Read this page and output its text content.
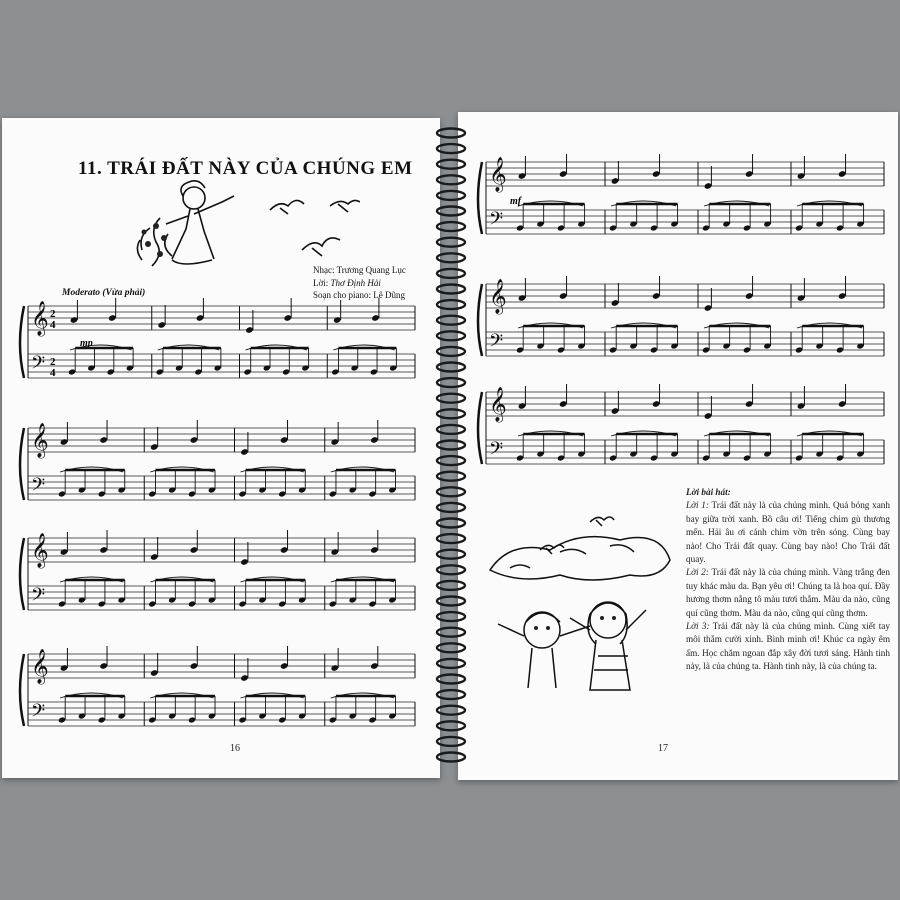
11. TRÁI ĐẤT NÀY CỦA CHÚNG EM
Nhạc: Trương Quang Lục
Lời: Thơ Định Hải
Soạn cho piano: Lê Dũng
Moderato (Vừa phải)
mp
𝄞
𝄢
2
4
2
4
𝄞
𝄢
𝄞
𝄢
𝄞
𝄢
mf
𝄞
𝄢
𝄞
𝄢
𝄞
𝄢
Lời bài hát:
Lời 1: Trái đất này là của chúng mình. Quả bóng xanh bay giữa trời xanh. Bồ câu ơi! Tiếng chim gù thương mến. Hải âu ơi cánh chim vờn trên sóng. Cùng bay nào! Cho Trái đất quay. Cùng bay nào! Cho Trái đất quay.
Lời 2: Trái đất này là của chúng mình. Vàng trắng đen tuy khác màu da. Bạn yêu ơi! Chúng ta là hoa quí. Đầy hương thơm nắng tô màu tươi thắm. Màu da nào, cũng quí cũng thơm. Màu da nào, cũng quí cũng thơm.
Lời 3: Trái đất này là của chúng mình. Cùng xiết tay môi thắm cười xinh. Bình minh ơi! Khúc ca ngày êm ấm. Học chăm ngoan đắp xây đời tươi sáng. Hành tinh này, là của chúng ta. Hành tinh này, là của chúng ta.
16	17
